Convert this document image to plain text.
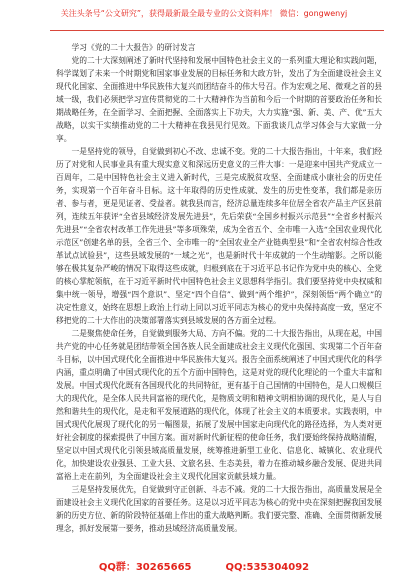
关注头条号“公文研究”，获得最新最全最专业的公文资料库！ 微信：gongwenyj
学习《党的二十大报告》的研讨发言

党的二十大深刻阐述了新时代坚持和发展中国特色社会主义的一系列重大理论和实践问题，科学谋划了未来一个时期党和国家事业发展的目标任务和大政方针，发出了为全面建设社会主义现代化国家、全面推进中华民族伟大复兴而团结奋斗的伟大号召。作为宏观之尾、微观之首的县域一级，我们必须把学习宣传贯彻党的二十大精神作为当前和今后一个时期的首要政治任务和长期战略任务，在全面学习、全面把握、全面落实上下功夫，大力实施“强、新、美、产、优”五大战略，以实干实绩推动党的二十大精神在我县见行见效。下面我谈几点学习体会与大家做一分享。

一是坚持党的领导，自觉做到初心不改、忠诚不变。党的二十大报告指出，十年来，我们经历了对党和人民事业具有重大现实意义和深远历史意义的三件大事：一是迎来中国共产党成立一百周年，二是中国特色社会主义进入新时代，三是完成脱贫攻坚、全面建成小康社会的历史任务，实现第一个百年奋斗目标。这十年取得的历史性成就、发生的历史性变革，我们都是亲历者、参与者，更是见证者、受益者。就我县而言，经济总量连续多年位居全省农产品主产区县前列，连续五年获评“全省县域经济发展先进县”，先后荣获“全国乡村振兴示范县”“全省乡村振兴先进县”“全省农村改革工作先进县”等多项殊荣，成为全省五个、全市唯一入选“全国农业现代化示范区”创建名单的县，全省三个、全市唯一的“全国农业全产业链典型县”和“全省农村综合性改革试点试验县”，这些县域发展的“一域之光”，也是新时代十年成就的一个生动缩影。之所以能够在极其复杂严峻的情况下取得这些成就，归根到底在于习近平总书记作为党中央的核心、全党的核心掌舵领航，在于习近平新时代中国特色社会主义思想科学指引。我们要坚持党中央权威和集中统一领导，增强“四个意识”、坚定“四个自信”、做到“两个维护”，深刻领悟“两个确立”的决定性意义，始终在思想上政治上行动上同以习近平同志为核心的党中央保持高度一致，坚定不移把党的二十大作出的决策部署落实到县域发展的各方面全过程。

二是聚焦使命任务，自觉做到服务大局、方向不偏。党的二十大报告指出，从现在起，中国共产党的中心任务就是团结带领全国各族人民全面建成社会主义现代化强国、实现第二个百年奋斗目标，以中国式现代化全面推进中华民族伟大复兴。报告全面系统阐述了中国式现代化的科学内涵，重点明确了中国式现代化的五个方面中国特色，这是对党的现代化理论的一个重大丰富和发展。中国式现代化既有各国现代化的共同特征，更有基于自己国情的中国特色，是人口规模巨大的现代化，是全体人民共同富裕的现代化，是物质文明和精神文明相协调的现代化，是人与自然和谐共生的现代化，是走和平发展道路的现代化，体现了社会主义的本质要求。实践表明，中国式现代化展现了现代化的另一幅图景，拓展了发展中国家走向现代化的路径选择，为人类对更好社会制度的探索提供了中国方案。面对新时代新征程的使命任务，我们要始终保持战略清醒，坚定以中国式现代化引领县域高质量发展，统筹推进新型工业化、信息化、城镇化、农业现代化，加快建设农业强县、工业大县、文旅名县、生态美县，着力在推动城乡融合发展、促进共同富裕上走在前列，为全面建设社会主义现代化国家贡献县域力量。

三是坚持发展优先，自觉做到守正创新、斗志不减。党的二十大报告指出，高质量发展是全面建设社会主义现代化国家的首要任务。这是以习近平同志为核心的党中央在深刻把握我国发展新的历史方位、新的阶段特征基础上作出的重大战略判断。我们要完整、准确、全面贯彻新发展理念，抓好发展第一要务，推动县域经济高质量发展。

QQ群：30265665	QQ:535304092
